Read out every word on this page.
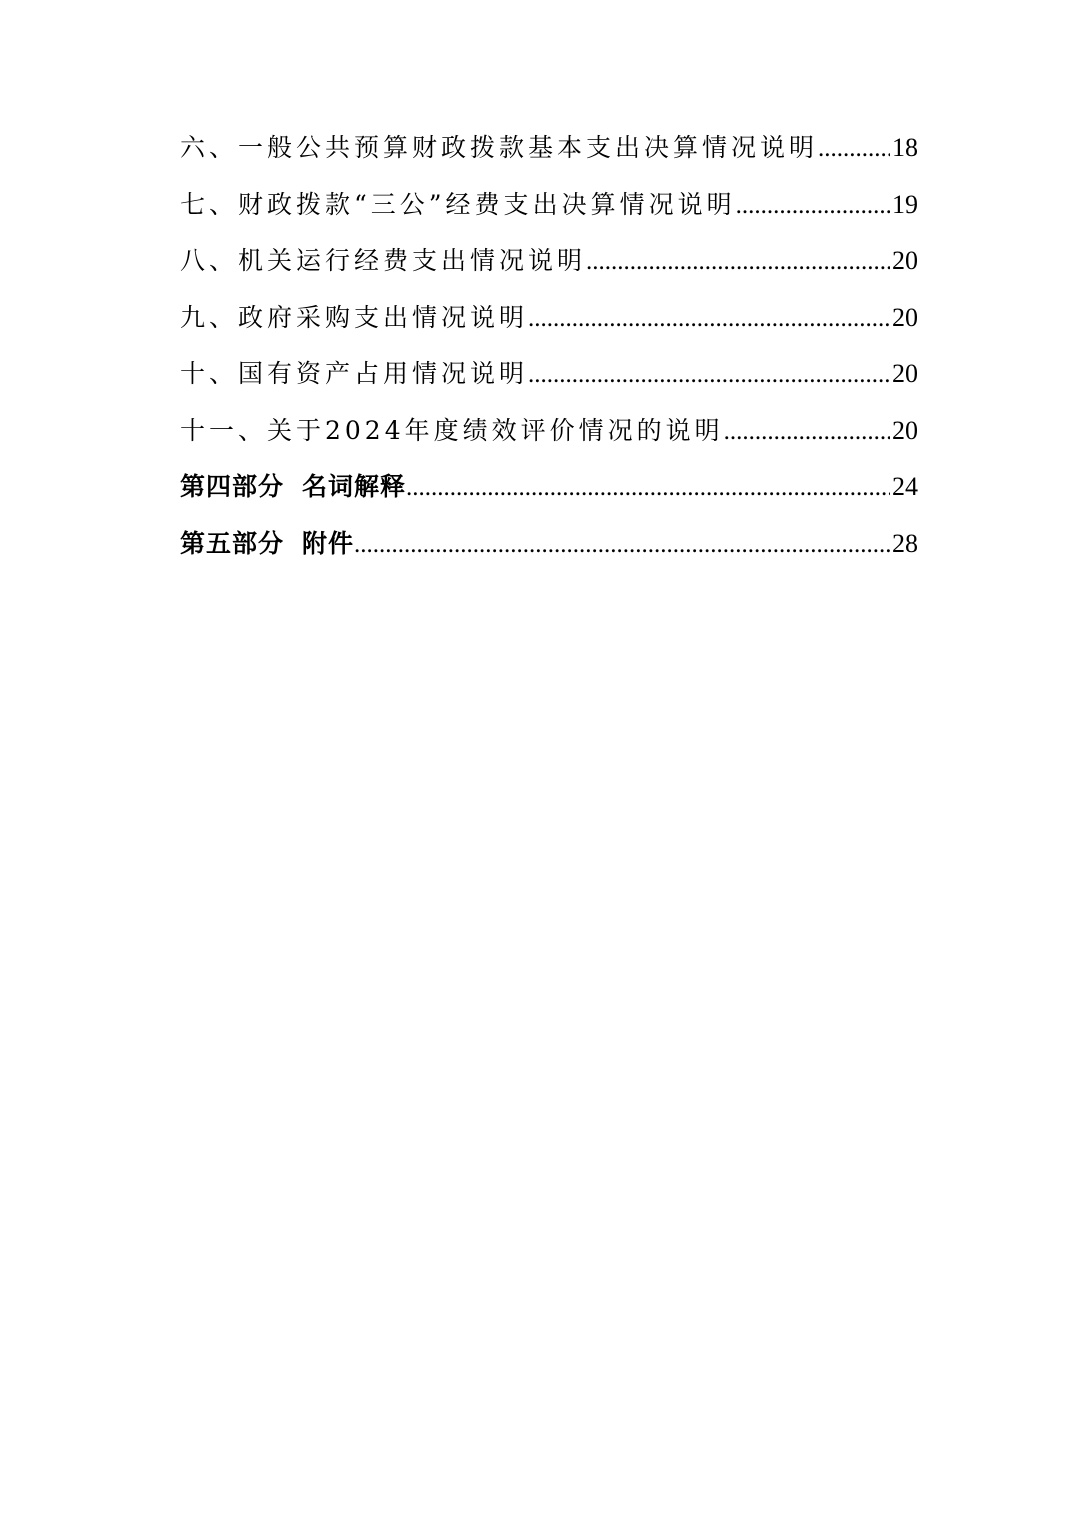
六、一般公共预算财政拨款基本支出决算情况说明 .....	18
七、财政拨款“三公”经费支出决算情况说明 .....	19
八、机关运行经费支出情况说明 .....	20
九、政府采购支出情况说明 .....	20
十、国有资产占用情况说明 .....	20
十一、关于2024年度绩效评价情况的说明 .....	20
第四部分 名词解释 .....	24
第五部分 附件 .....	28
